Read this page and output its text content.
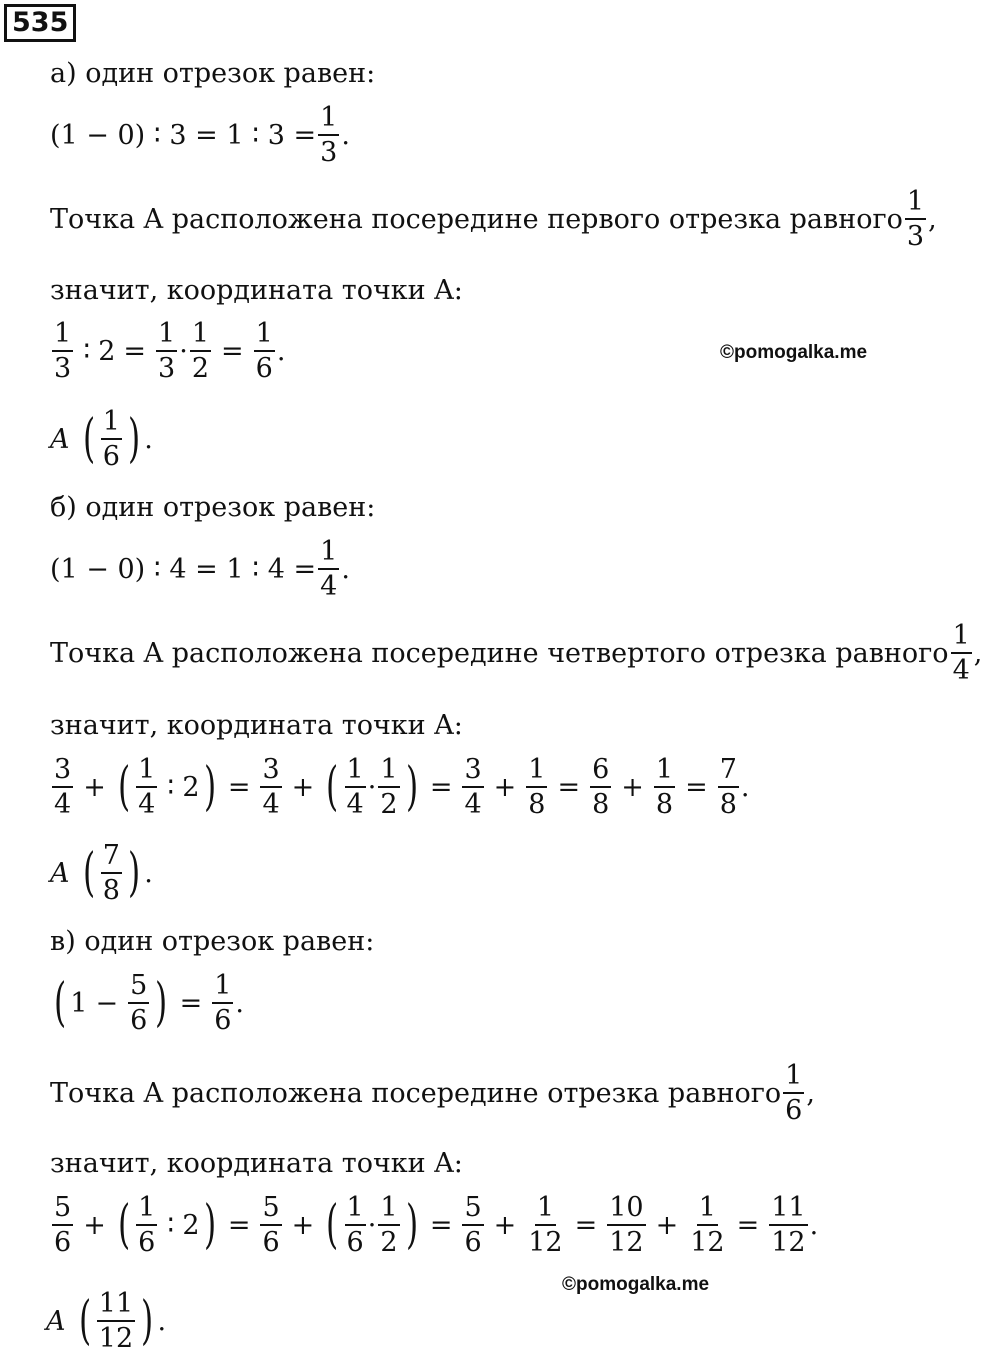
535
а) один отрезок равен:
(1 − 0) ∶ 3 = 1 ∶ $3 = \frac{1}{3}$ .
Точка A расположена посередине первого отрезка равного $\frac{1}{3}$ ,
значит, координата точки A:
$\frac{1}{3}$ ∶ $2 = \frac{1}{3} \cdot \frac{1}{2} = \frac{1}{6}$ .	©pomogalka.me
A ( $\frac{1}{6}$ ) .
б) один отрезок равен:
(1 − 0) ∶ 4 = 1 ∶ $4 = \frac{1}{4}$ .
Точка A расположена посередине четвертого отрезка равного $\frac{1}{4}$ ,
значит, координата точки A:
$\frac{3}{4}$ + ( $\frac{1}{4}$ ∶ 2 ) = $\frac{3}{4}$ + ( $\frac{1}{4} \cdot \frac{1}{2}$ ) = $\frac{3}{4} + \frac{1}{8} = \frac{6}{8} + \frac{1}{8} = \frac{7}{8}$ .
A ( $\frac{7}{8}$ ) .
в) один отрезок равен:
( $1 - \frac{5}{6}$ ) = $\frac{1}{6}$ .
Точка A расположена посередине отрезка равного $\frac{1}{6}$ ,
значит, координата точки A:
$\frac{5}{6}$ + ( $\frac{1}{6}$ ∶ 2 ) = $\frac{5}{6}$ + ( $\frac{1}{6} \cdot \frac{1}{2}$ ) = $\frac{5}{6} + \frac{1}{12} = \frac{10}{12} + \frac{1}{12} = \frac{11}{12}$ .
©pomogalka.me
A ( $\frac{11}{12}$ ) .
